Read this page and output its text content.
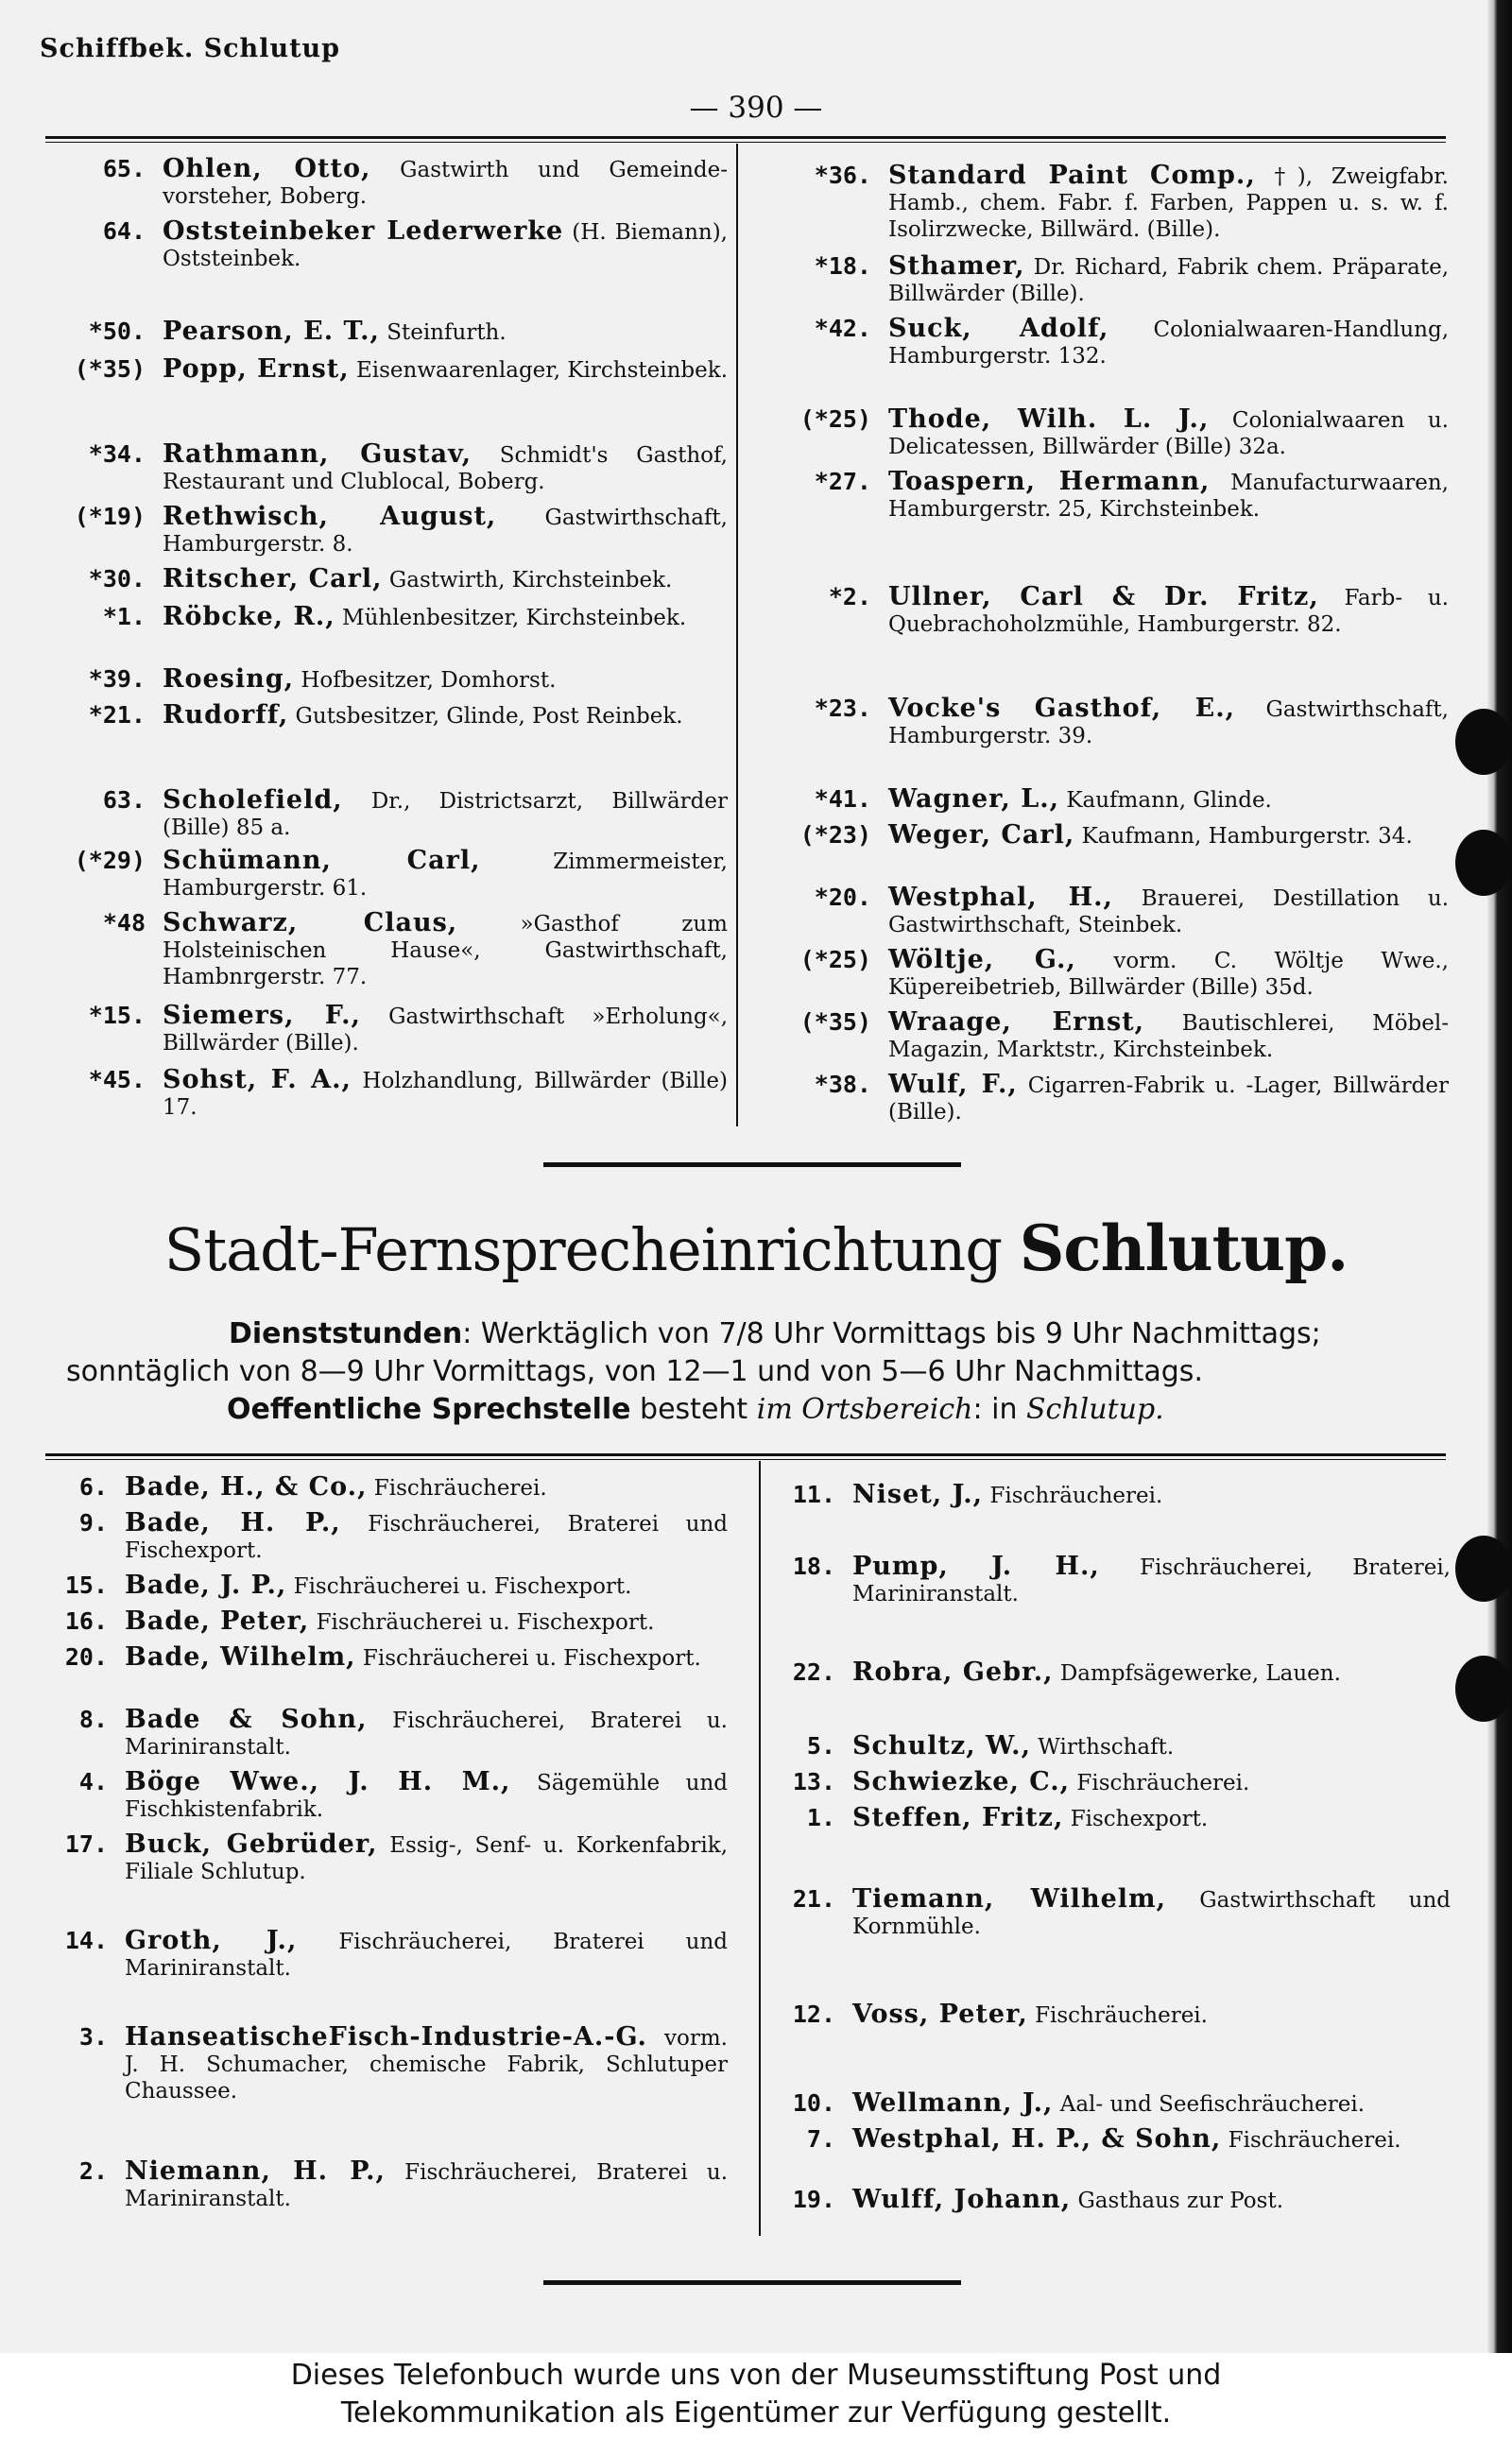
Schiffbek. Schlutup
— 390 —
65. Ohlen, Otto, Gastwirth und Gemeinde-vorsteher, Boberg.
64. Oststeinbeker Lederwerke (H. Biemann), Oststeinbek.
*50. Pearson, E. T., Steinfurth.
(*35) Popp, Ernst, Eisenwaarenlager, Kirchsteinbek.
*34. Rathmann, Gustav, Schmidt's Gasthof, Restaurant und Clublocal, Boberg.
(*19) Rethwisch, August, Gastwirthschaft, Hamburgerstr. 8.
*30. Ritscher, Carl, Gastwirth, Kirchsteinbek.
*1. Röbcke, R., Mühlenbesitzer, Kirchsteinbek.
*39. Roesing, Hofbesitzer, Domhorst.
*21. Rudorff, Gutsbesitzer, Glinde, Post Reinbek.
63. Scholefield, Dr., Districtsarzt, Billwärder (Bille) 85 a.
(*29) Schümann, Carl,	Zimmermeister, Hamburgerstr. 61.
*48 Schwarz, Claus,	»Gasthof zum Holsteinischen Hause«, Gastwirthschaft, Hambnrgerstr. 77.
*15. Siemers, F., Gastwirthschaft »Erholung«, Billwärder (Bille).
*45. Sohst, F. A., Holzhandlung, Billwärder (Bille) 17.
*36. Standard Paint Comp., †), Zweigfabr. Hamb., chem. Fabr. f. Farben, Pappen u. s. w. f. Isolirzwecke, Billwärd. (Bille).
*18. Sthamer, Dr. Richard, Fabrik chem. Präparate, Billwärder (Bille).
*42. Suck, Adolf, Colonialwaaren-Handlung, Hamburgerstr. 132.
(*25) Thode, Wilh. L. J., Colonialwaaren u. Delicatessen, Billwärder (Bille) 32a.
*27. Toaspern, Hermann, Manufacturwaaren, Hamburgerstr. 25, Kirchsteinbek.
*2. Ullner, Carl & Dr. Fritz, Farb- u. Quebrachoholzmühle, Hamburgerstr. 82.
*23. Vocke's Gasthof, E., Gastwirthschaft, Hamburgerstr. 39.
*41. Wagner, L., Kaufmann, Glinde.
(*23) Weger, Carl, Kaufmann, Hamburgerstr. 34.
*20. Westphal, H., Brauerei, Destillation u. Gastwirthschaft, Steinbek.
(*25) Wöltje, G., vorm. C. Wöltje Wwe., Küpereibetrieb, Billwärder (Bille) 35d.
(*35) Wraage, Ernst, Bautischlerei, Möbel-Magazin, Marktstr., Kirchsteinbek.
*38. Wulf, F., Cigarren-Fabrik u. -Lager, Billwärder (Bille).
Stadt-Fernsprecheinrichtung Schlutup.
Dienststunden: Werktäglich von 7/8 Uhr Vormittags bis 9 Uhr Nachmittags;
sonntäglich von 8—9 Uhr Vormittags, von 12—1 und von 5—6 Uhr Nachmittags.
Oeffentliche Sprechstelle besteht im Ortsbereich: in Schlutup.
6. Bade, H., & Co., Fischräucherei.
9. Bade, H. P., Fischräucherei, Braterei und Fischexport.
15. Bade, J. P., Fischräucherei u. Fischexport.
16. Bade, Peter, Fischräucherei u. Fischexport.
20. Bade, Wilhelm, Fischräucherei u. Fischexport.
8. Bade & Sohn, Fischräucherei, Braterei u. Mariniranstalt.
4. Böge Wwe., J. H. M., Sägemühle und Fischkistenfabrik.
17. Buck, Gebrüder, Essig-, Senf- u. Korkenfabrik, Filiale Schlutup.
14. Groth, J., Fischräucherei, Braterei und Mariniranstalt.
3. HanseatischeFisch-Industrie-A.-G. vorm. J. H. Schumacher, chemische Fabrik, Schlutuper Chaussee.
2. Niemann, H. P., Fischräucherei, Braterei u. Mariniranstalt.
11. Niset, J., Fischräucherei.
18. Pump, J. H., Fischräucherei, Braterei, Mariniranstalt.
22. Robra, Gebr., Dampfsägewerke, Lauen.
5. Schultz, W., Wirthschaft.
13. Schwiezke, C., Fischräucherei.
1. Steffen, Fritz, Fischexport.
21. Tiemann, Wilhelm, Gastwirthschaft und Kornmühle.
12. Voss, Peter, Fischräucherei.
10. Wellmann, J., Aal- und Seefischräucherei.
7. Westphal, H. P., & Sohn, Fischräucherei.
19. Wulff, Johann, Gasthaus zur Post.
Dieses Telefonbuch wurde uns von der Museumsstiftung Post und
Telekommunikation als Eigentümer zur Verfügung gestellt.
